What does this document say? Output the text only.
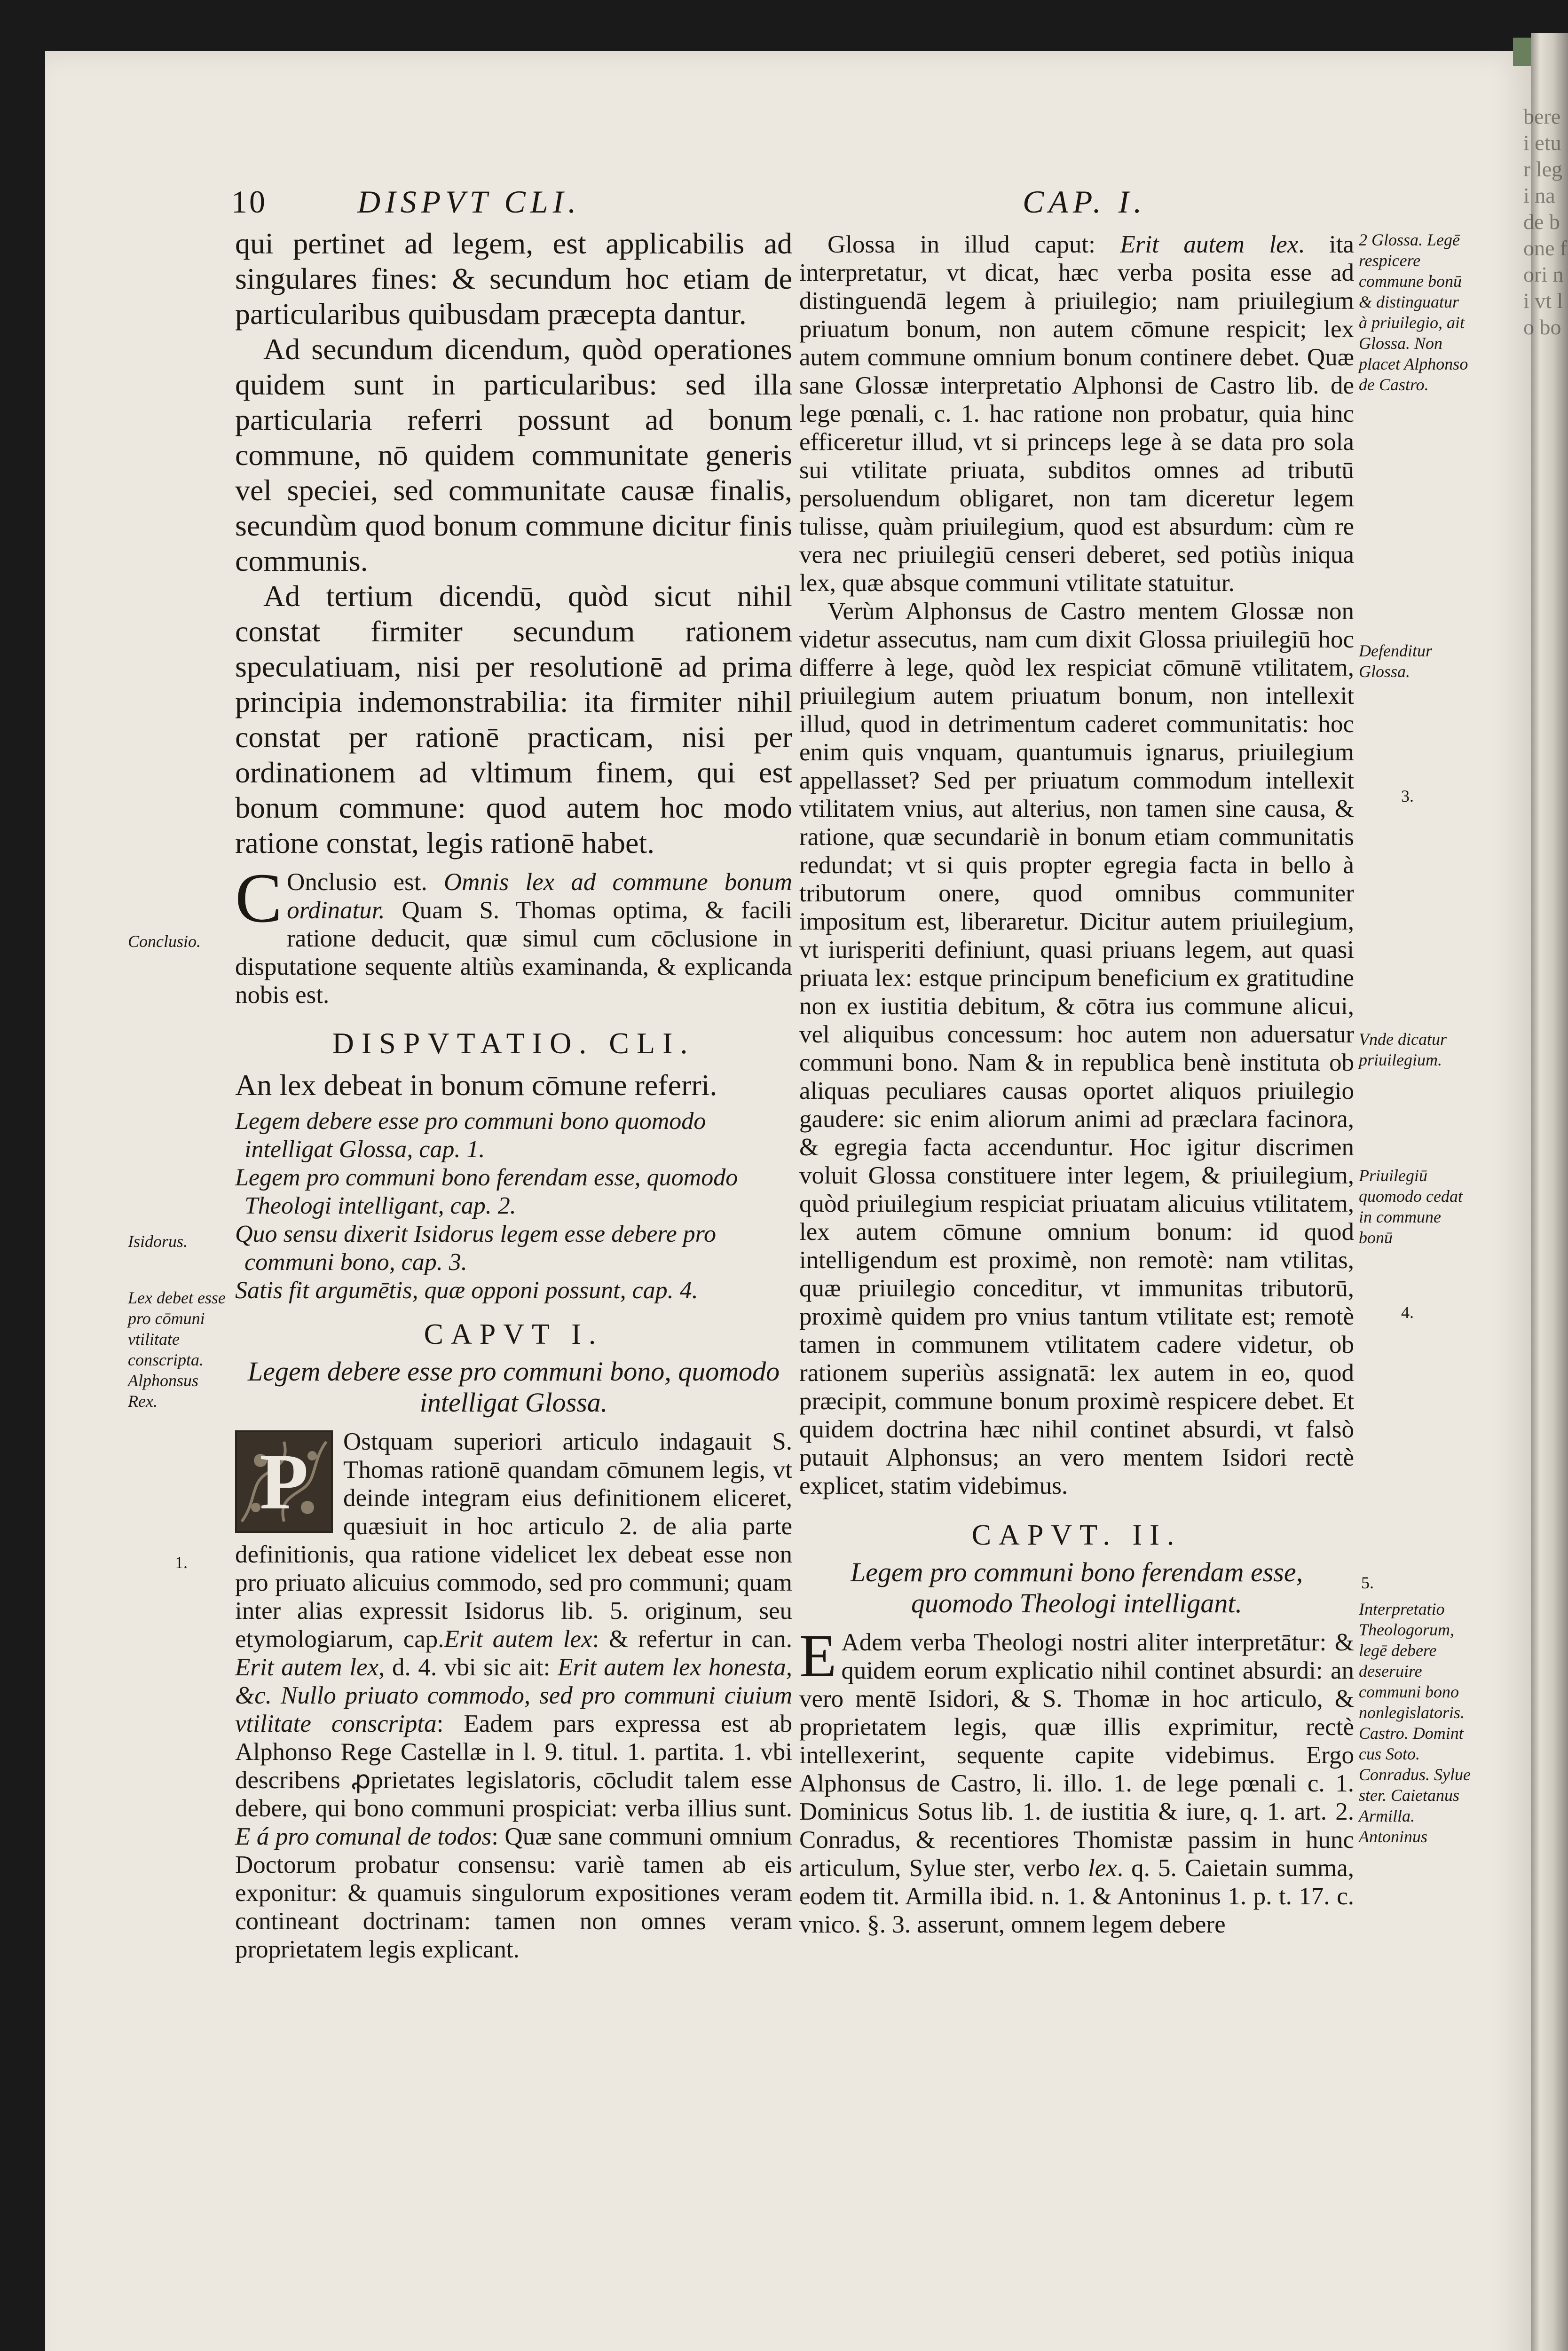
bere i etur legi na de bone fori ni vt lo bo
10	DISPVT CLI.	CAP. I.

qui pertinet ad legem, est applicabilis ad singulares fines: & secundum hoc etiam de particularibus quibusdam præcepta dantur.

Ad secundum dicendum, quòd operationes quidem sunt in particularibus: sed illa particularia referri possunt ad bonum commune, nō quidem communitate generis vel speciei, sed communitate causæ finalis, secundùm quod bonum commune dicitur finis communis.

Ad tertium dicendū, quòd sicut nihil constat firmiter secundum rationem speculatiuam, nisi per resolutionē ad prima principia indemonstrabilia: ita firmiter nihil constat per rationē practicam, nisi per ordinationem ad vltimum finem, qui est bonum commune: quod autem hoc modo ratione constat, legis rationē habet.

C Onclusio est. Omnis lex ad commune bonum ordinatur. Quam S. Thomas optima, & facili ratione deducit, quæ simul cum cōclusione in disputatione sequente altiùs examinanda, & explicanda nobis est.

DISPVTATIO. CLI.
An lex debeat in bonum cōmune referri.

Legem debere esse pro communi bono quomodo intelligat Glossa, cap. 1.

Legem pro communi bono ferendam esse, quomodo Theologi intelligant, cap. 2.

Quo sensu dixerit Isidorus legem esse debere pro communi bono, cap. 3.

Satis fit argumētis, quæ opponi possunt, cap. 4.

CAPVT I.
Legem debere esse pro communi bono, quomodo intelligat Glossa.

P Ostquam superiori articulo indagauit S. Thomas rationē quandam cōmunem legis, vt deinde integram eius definitionem eliceret, quæsiuit in hoc articulo 2. de alia parte definitionis, qua ratione videlicet lex debeat esse non pro priuato alicuius commodo, sed pro communi; quam inter alias expressit Isidorus lib. 5. originum, seu etymologiarum, cap.Erit autem lex: & refertur in can. Erit autem lex, d. 4. vbi sic ait: Erit autem lex honesta, &c. Nullo priuato commodo, sed pro communi ciuium vtilitate conscripta: Eadem pars expressa est ab Alphonso Rege Castellæ in l. 9. titul. 1. partita. 1. vbi describens ꝓprietates legislatoris, cōcludit talem esse debere, qui bono communi prospiciat: verba illius sunt. E á pro comunal de todos: Quæ sane communi omnium Doctorum probatur consensu: variè tamen ab eis exponitur: & quamuis singulorum expositiones veram contineant doctrinam: tamen non omnes veram proprietatem legis explicant.

Glossa in illud caput: Erit autem lex. ita interpretatur, vt dicat, hæc verba posita esse ad distinguendā legem à priuilegio; nam priuilegium priuatum bonum, non autem cōmune respicit; lex autem commune omnium bonum continere debet. Quæ sane Glossæ interpretatio Alphonsi de Castro lib. de lege pœnali, c. 1. hac ratione non probatur, quia hinc efficeretur illud, vt si princeps lege à se data pro sola sui vtilitate priuata, subditos omnes ad tributū persoluendum obligaret, non tam diceretur legem tulisse, quàm priuilegium, quod est absurdum: cùm re vera nec priuilegiū censeri deberet, sed potiùs iniqua lex, quæ absque communi vtilitate statuitur.

Verùm Alphonsus de Castro mentem Glossæ non videtur assecutus, nam cum dixit Glossa priuilegiū hoc differre à lege, quòd lex respiciat cōmunē vtilitatem, priuilegium autem priuatum bonum, non intellexit illud, quod in detrimentum caderet communitatis: hoc enim quis vnquam, quantumuis ignarus, priuilegium appellasset? Sed per priuatum commodum intellexit vtilitatem vnius, aut alterius, non tamen sine causa, & ratione, quæ secundariè in bonum etiam communitatis redundat; vt si quis propter egregia facta in bello à tributorum onere, quod omnibus communiter impositum est, liberaretur. Dicitur autem priuilegium, vt iurisperiti definiunt, quasi priuans legem, aut quasi priuata lex: estque principum beneficium ex gratitudine non ex iustitia debitum, & cōtra ius commune alicui, vel aliquibus concessum: hoc autem non aduersatur communi bono. Nam & in republica benè instituta ob aliquas peculiares causas oportet aliquos priuilegio gaudere: sic enim aliorum animi ad præclara facinora, & egregia facta accenduntur. Hoc igitur discrimen voluit Glossa constituere inter legem, & priuilegium, quòd priuilegium respiciat priuatam alicuius vtilitatem, lex autem cōmune omnium bonum: id quod intelligendum est proximè, non remotè: nam vtilitas, quæ priuilegio conceditur, vt immunitas tributorū, proximè quidem pro vnius tantum vtilitate est; remotè tamen in communem vtilitatem cadere videtur, ob rationem superiùs assignatā: lex autem in eo, quod præcipit, commune bonum proximè respicere debet. Et quidem doctrina hæc nihil continet absurdi, vt falsò putauit Alphonsus; an vero mentem Isidori rectè explicet, statim videbimus.

CAPVT. II.
Legem pro communi bono ferendam esse, quomodo Theologi intelligant.

E Adem verba Theologi nostri aliter interpretātur: & quidem eorum explicatio nihil continet absurdi: an vero mentē Isidori, & S. Thomæ in hoc articulo, & proprietatem legis, quæ illis exprimitur, rectè intellexerint, sequente capite videbimus. Ergo Alphonsus de Castro, li. illo. 1. de lege pœnali c. 1. Dominicus Sotus lib. 1. de iustitia & iure, q. 1. art. 2. Conradus, & recentiores Thomistæ passim in hunc articulum, Sylue ster, verbo lex. q. 5. Caietain summa, eodem tit. Armilla ibid. n. 1. & Antoninus 1. p. t. 17. c. vnico. §. 3. asserunt, omnem legem debere

Conclusio.
1.
Isidorus.
Lex debet esse pro cōmuni vtilitate conscripta. Alphonsus Rex.
2 Glossa. Legē respicere commune bonū & distinguatur à priuilegio, ait Glossa. Non placet Alphonso de Castro.
Defenditur Glossa.
3.
Vnde dicatur priuilegium.
Priuilegiū quomodo cedat in commune bonū
4.
5.
Interpretatio Theologorum, legē debere deseruire communi bono nonlegislatoris. Castro. Domint cus Soto. Conradus. Sylue ster. Caietanus Armilla. Antoninus
